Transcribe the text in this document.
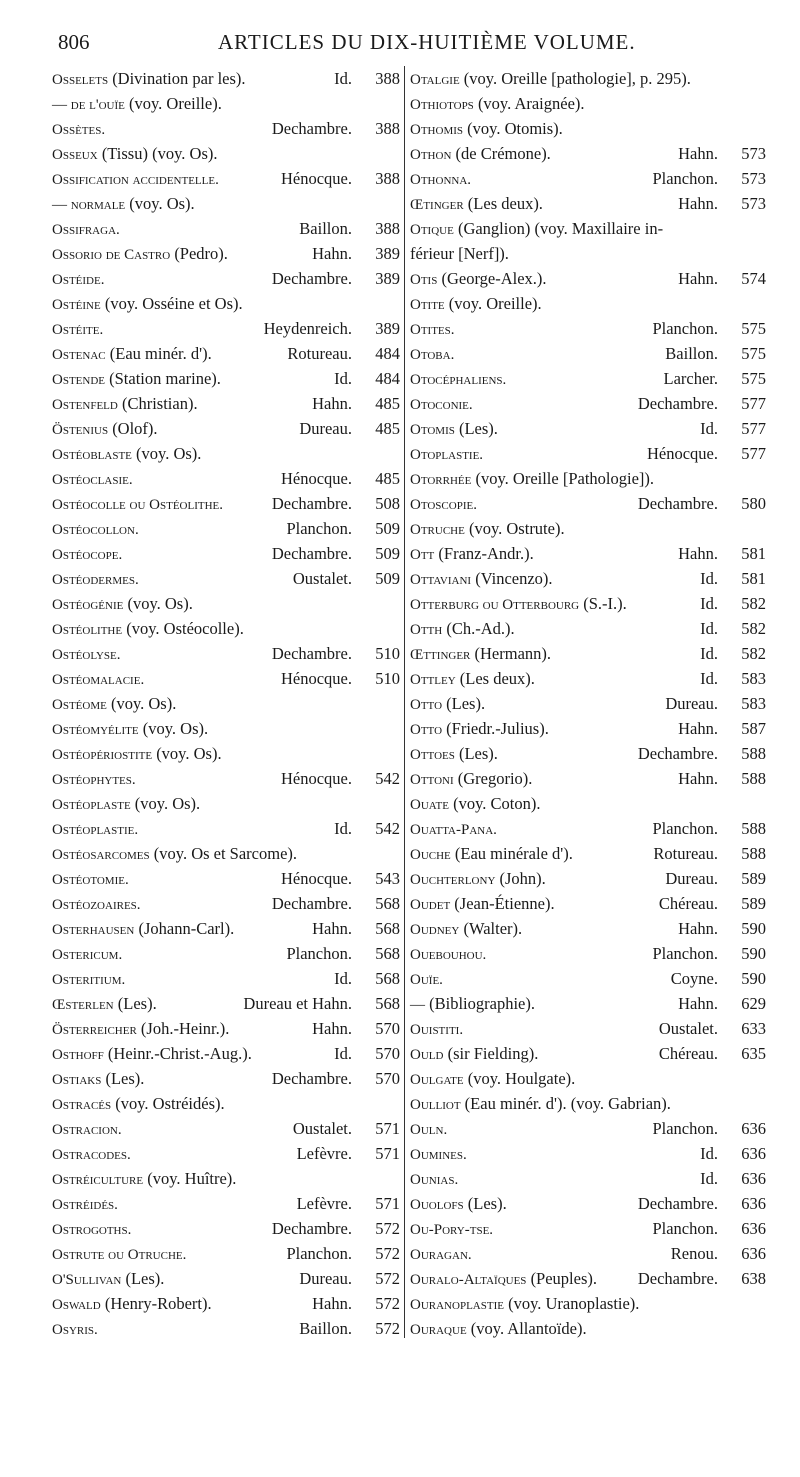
806	ARTICLES DU DIX-HUITIÈME VOLUME.
Osselets (Divination par les).	Id.	388
— de l'ouïe (voy. Oreille).
Ossètes.	Dechambre.	388
Osseux (Tissu) (voy. Os).
Ossification accidentelle.	Hénocque.	388
— normale (voy. Os).
Ossifraga.	Baillon.	388
Ossorio de Castro (Pedro).	Hahn.	389
Ostéide.	Dechambre.	389
Ostéine (voy. Osséine et Os).
Ostéite.	Heydenreich.	389
Ostenac (Eau minér. d').	Rotureau.	484
Ostende (Station marine).	Id.	484
Ostenfeld (Christian).	Hahn.	485
Östenius (Olof).	Dureau.	485
Ostéoblaste (voy. Os).
Ostéoclasie.	Hénocque.	485
Ostéocolle ou Ostéolithe.	Dechambre.	508
Ostéocollon.	Planchon.	509
Ostéocope.	Dechambre.	509
Ostéodermes.	Oustalet.	509
Ostéogénie (voy. Os).
Ostéolithe (voy. Ostéocolle).
Ostéolyse.	Dechambre.	510
Ostéomalacie.	Hénocque.	510
Ostéome (voy. Os).
Ostéomyélite (voy. Os).
Ostéopériostite (voy. Os).
Ostéophytes.	Hénocque.	542
Ostéoplaste (voy. Os).
Ostéoplastie.	Id.	542
Ostéosarcomes (voy. Os et Sarcome).
Ostéotomie.	Hénocque.	543
Ostéozoaires.	Dechambre.	568
Osterhausen (Johann-Carl).	Hahn.	568
Ostericum.	Planchon.	568
Osteritium.	Id.	568
Œsterlen (Les).	Dureau et Hahn.	568
Österreicher (Joh.-Heinr.).	Hahn.	570
Osthoff (Heinr.-Christ.-Aug.).	Id.	570
Ostiaks (Les).	Dechambre.	570
Ostracés (voy. Ostréidés).
Ostracion.	Oustalet.	571
Ostracodes.	Lefèvre.	571
Ostréiculture (voy. Huître).
Ostréidés.	Lefèvre.	571
Ostrogoths.	Dechambre.	572
Ostrute ou Otruche.	Planchon.	572
O'Sullivan (Les).	Dureau.	572
Oswald (Henry-Robert).	Hahn.	572
Osyris.	Baillon.	572
Otalgie (voy. Oreille [pathologie], p. 295).
Othiotops (voy. Araignée).
Othomis (voy. Otomis).
Othon (de Crémone).	Hahn.	573
Othonna.	Planchon.	573
Œtinger (Les deux).	Hahn.	573
Otique (Ganglion) (voy. Maxillaire in-
férieur [Nerf]).
Otis (George-Alex.).	Hahn.	574
Otite (voy. Oreille).
Otites.	Planchon.	575
Otoba.	Baillon.	575
Otocéphaliens.	Larcher.	575
Otoconie.	Dechambre.	577
Otomis (Les).	Id.	577
Otoplastie.	Hénocque.	577
Otorrhée (voy. Oreille [Pathologie]).
Otoscopie.	Dechambre.	580
Otruche (voy. Ostrute).
Ott (Franz-Andr.).	Hahn.	581
Ottaviani (Vincenzo).	Id.	581
Otterburg ou Otterbourg (S.-I.).	Id.	582
Otth (Ch.-Ad.).	Id.	582
Œttinger (Hermann).	Id.	582
Ottley (Les deux).	Id.	583
Otto (Les).	Dureau.	583
Otto (Friedr.-Julius).	Hahn.	587
Ottoes (Les).	Dechambre.	588
Ottoni (Gregorio).	Hahn.	588
Ouate (voy. Coton).
Ouatta-Pana.	Planchon.	588
Ouche (Eau minérale d').	Rotureau.	588
Ouchterlony (John).	Dureau.	589
Oudet (Jean-Étienne).	Chéreau.	589
Oudney (Walter).	Hahn.	590
Ouebouhou.	Planchon.	590
Ouïe.	Coyne.	590
— (Bibliographie).	Hahn.	629
Ouistiti.	Oustalet.	633
Ould (sir Fielding).	Chéreau.	635
Oulgate (voy. Houlgate).
Oulliot (Eau minér. d'). (voy. Gabrian).
Ouln.	Planchon.	636
Oumines.	Id.	636
Ounias.	Id.	636
Ouolofs (Les).	Dechambre.	636
Ou-Pory-tse.	Planchon.	636
Ouragan.	Renou.	636
Ouralo-Altaïques (Peuples). Dechambre.	638
Ouranoplastie (voy. Uranoplastie).
Ouraque (voy. Allantoïde).
